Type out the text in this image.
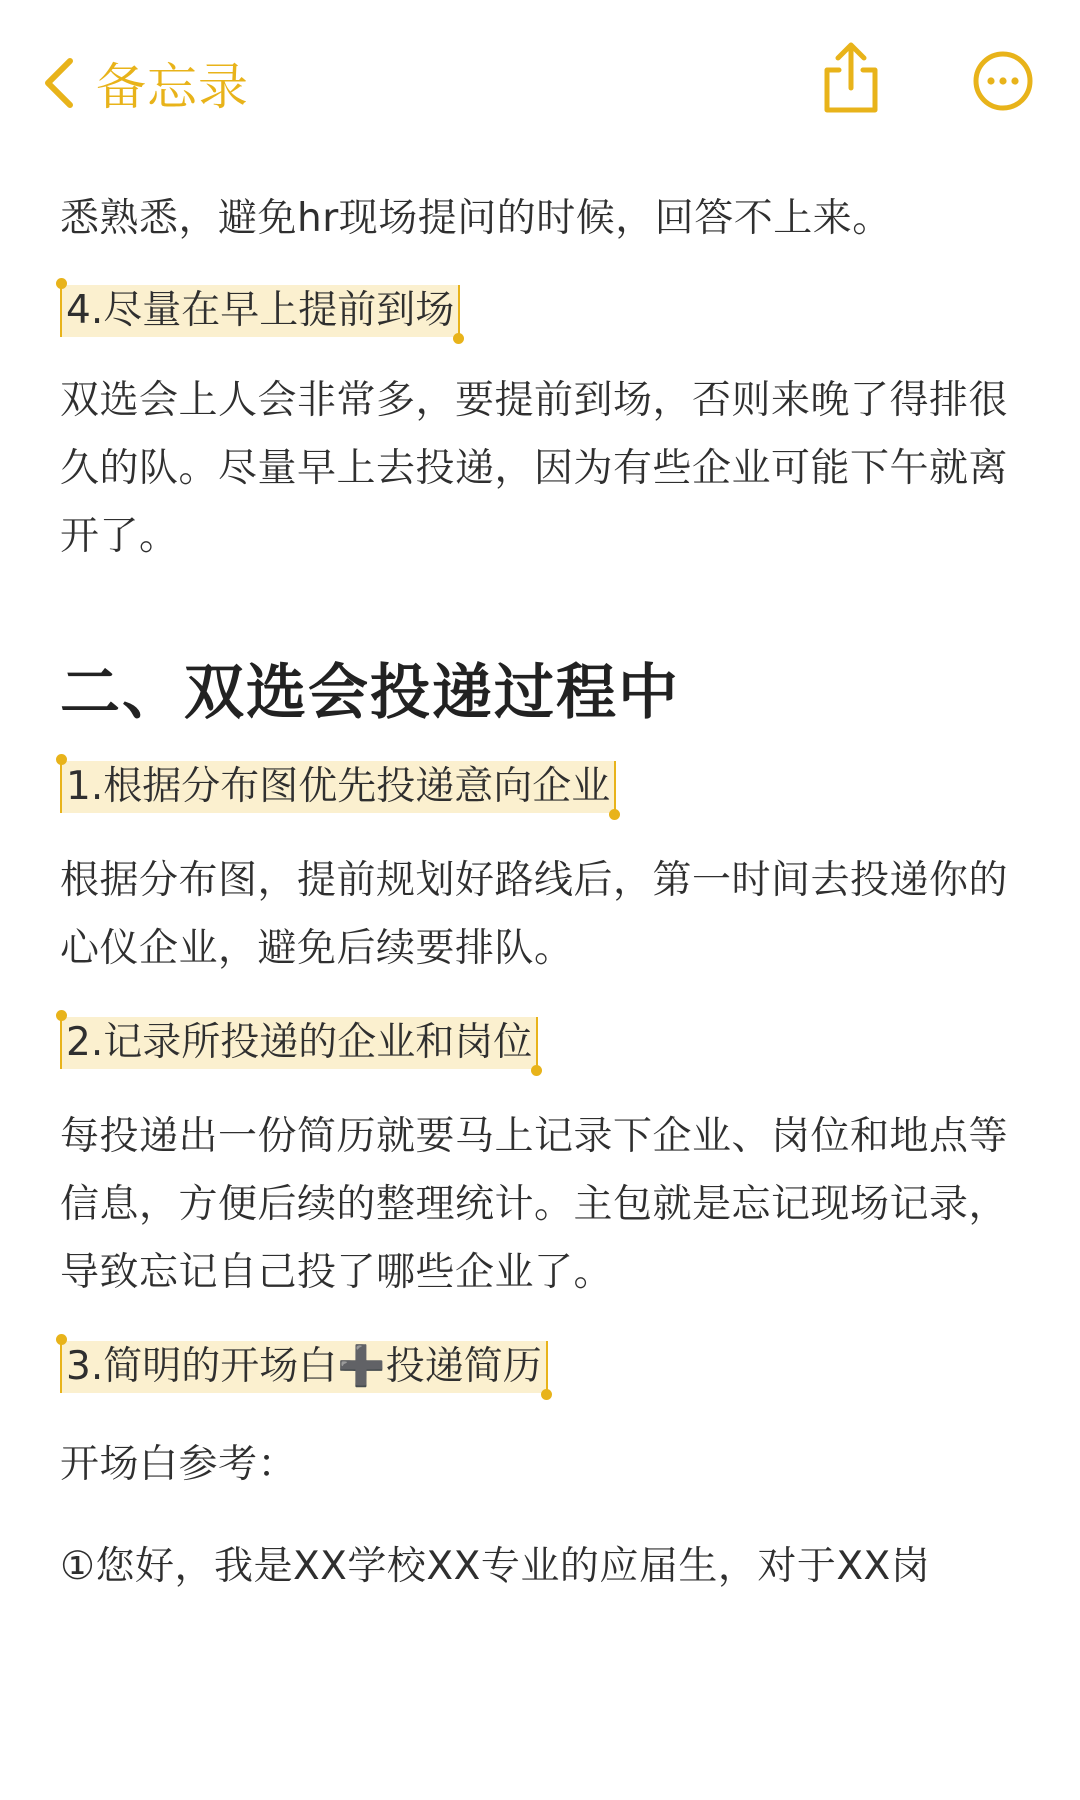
备忘录

悉熟悉，避免hr现场提问的时候，回答不上来。

4.尽量在早上提前到场

双选会上人会非常多，要提前到场，否则来晚了得排很久的队。尽量早上去投递，因为有些企业可能下午就离开了。

二、双选会投递过程中
1.根据分布图优先投递意向企业

根据分布图，提前规划好路线后，第一时间去投递你的心仪企业，避免后续要排队。

2.记录所投递的企业和岗位

每投递出一份简历就要马上记录下企业、岗位和地点等信息，方便后续的整理统计。主包就是忘记现场记录，导致忘记自己投了哪些企业了。

3.简明的开场白➕投递简历

开场白参考：

①您好，我是XX学校XX专业的应届生，对于XX岗
